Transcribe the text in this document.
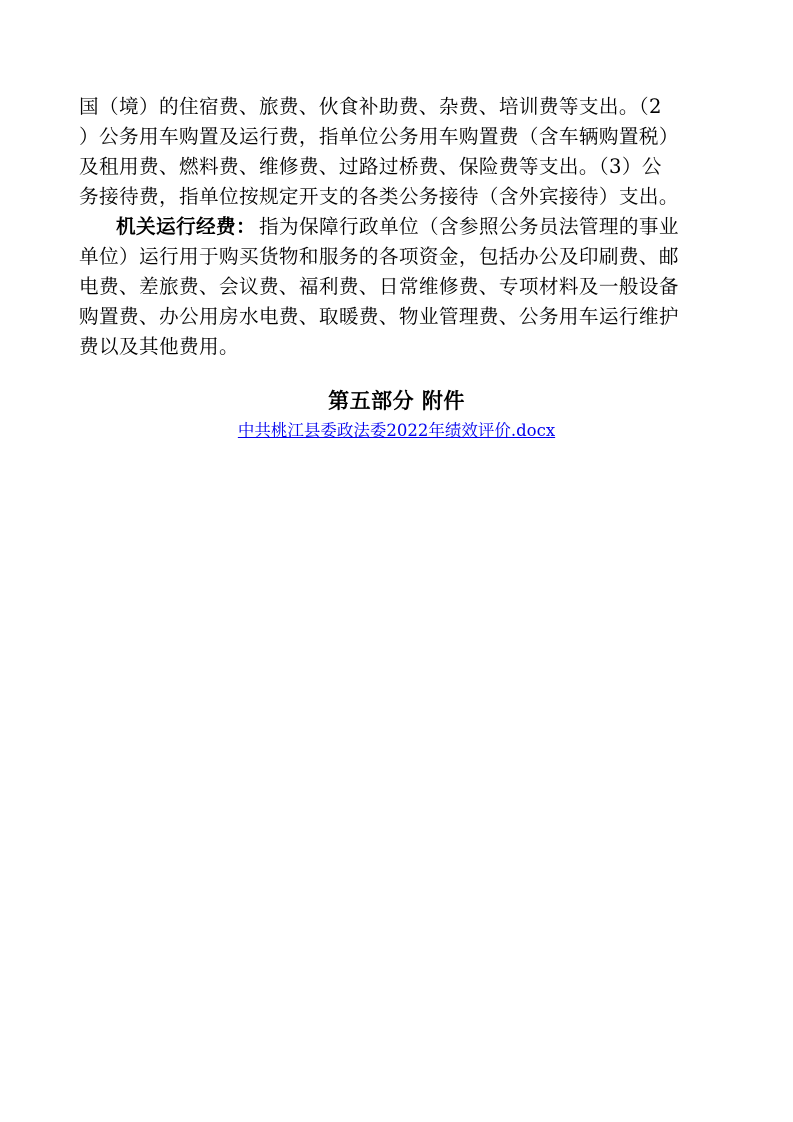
国（境）的住宿费、旅费、伙食补助费、杂费、培训费等支出。（2
）公务用车购置及运行费，指单位公务用车购置费（含车辆购置税）
及租用费、燃料费、维修费、过路过桥费、保险费等支出。（3）公
务接待费，指单位按规定开支的各类公务接待（含外宾接待）支出。
机关运行经费： 指为保障行政单位（含参照公务员法管理的事业
单位）运行用于购买货物和服务的各项资金，包括办公及印刷费、邮
电费、差旅费、会议费、福利费、日常维修费、专项材料及一般设备
购置费、办公用房水电费、取暖费、物业管理费、公务用车运行维护
费以及其他费用。
第五部分 附件
中共桃江县委政法委2022年绩效评价.docx
